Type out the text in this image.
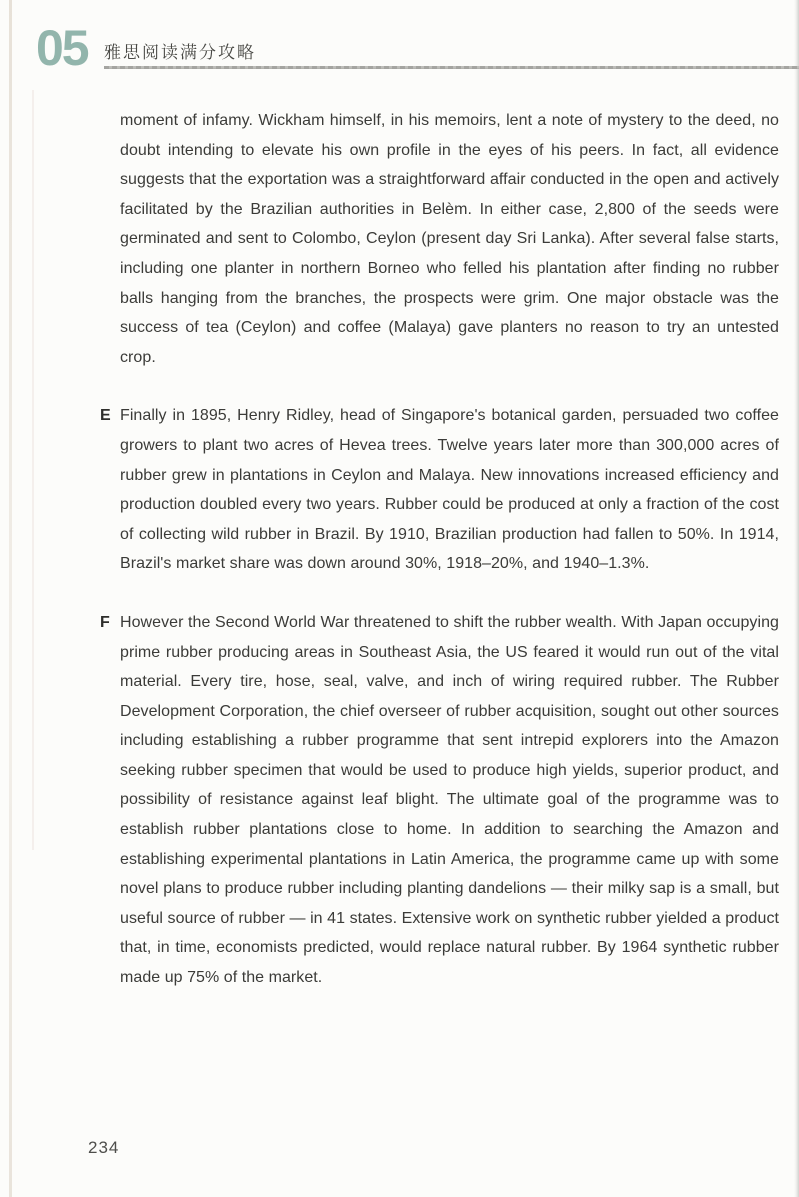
05 雅思阅读满分攻略
moment of infamy. Wickham himself, in his memoirs, lent a note of mystery to the deed, no doubt intending to elevate his own profile in the eyes of his peers. In fact, all evidence suggests that the exportation was a straightforward affair conducted in the open and actively facilitated by the Brazilian authorities in Belèm. In either case, 2,800 of the seeds were germinated and sent to Colombo, Ceylon (present day Sri Lanka). After several false starts, including one planter in northern Borneo who felled his plantation after finding no rubber balls hanging from the branches, the prospects were grim. One major obstacle was the success of tea (Ceylon) and coffee (Malaya) gave planters no reason to try an untested crop.
E Finally in 1895, Henry Ridley, head of Singapore's botanical garden, persuaded two coffee growers to plant two acres of Hevea trees. Twelve years later more than 300,000 acres of rubber grew in plantations in Ceylon and Malaya. New innovations increased efficiency and production doubled every two years. Rubber could be produced at only a fraction of the cost of collecting wild rubber in Brazil. By 1910, Brazilian production had fallen to 50%. In 1914, Brazil's market share was down around 30%, 1918–20%, and 1940–1.3%.
F However the Second World War threatened to shift the rubber wealth. With Japan occupying prime rubber producing areas in Southeast Asia, the US feared it would run out of the vital material. Every tire, hose, seal, valve, and inch of wiring required rubber. The Rubber Development Corporation, the chief overseer of rubber acquisition, sought out other sources including establishing a rubber programme that sent intrepid explorers into the Amazon seeking rubber specimen that would be used to produce high yields, superior product, and possibility of resistance against leaf blight. The ultimate goal of the programme was to establish rubber plantations close to home. In addition to searching the Amazon and establishing experimental plantations in Latin America, the programme came up with some novel plans to produce rubber including planting dandelions — their milky sap is a small, but useful source of rubber — in 41 states. Extensive work on synthetic rubber yielded a product that, in time, economists predicted, would replace natural rubber. By 1964 synthetic rubber made up 75% of the market.
234
